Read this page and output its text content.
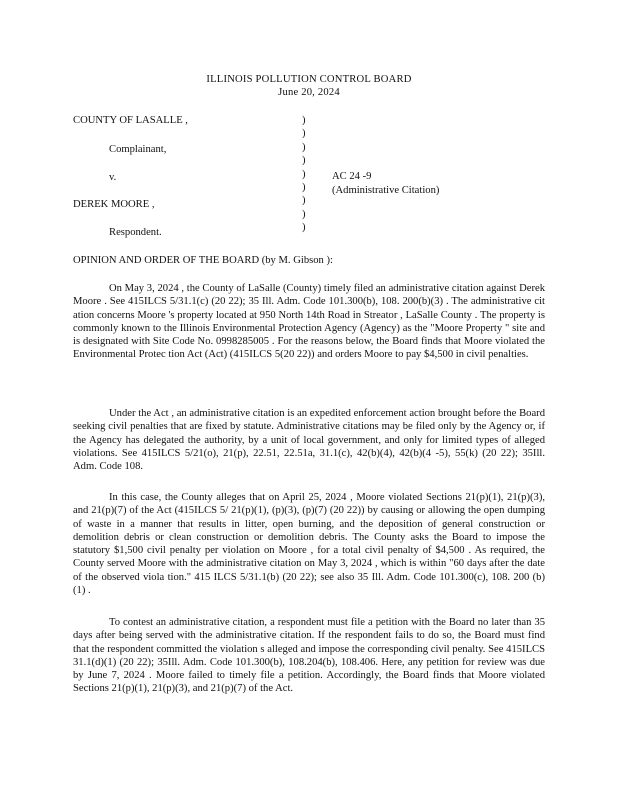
ILLINOIS POLLUTION CONTROL BOARD
June 20, 2024
COUNTY OF LASALLE ,
Complainant,
v.
DEREK MOORE ,
Respondent.
)
)
)
)
)
)
)
)
)
AC 24 -9
(Administrative Citation)
OPINION AND ORDER OF THE BOARD (by M. Gibson ):
On May 3, 2024 , the County of LaSalle (County) timely filed an administrative citation against Derek Moore . See 415ILCS 5/31.1(c) (20 22); 35 Ill. Adm. Code 101.300(b), 108. 200(b)(3) . The administrative cit ation concerns Moore 's property located at 950 North 14th Road in Streator , LaSalle County . The property is commonly known to the Illinois Environmental Protection Agency (Agency) as the "Moore Property " site and is designated with Site Code No. 0998285005 . For the reasons below, the Board finds that Moore violated the Environmental Protec tion Act (Act) (415ILCS 5(20 22)) and orders Moore to pay $4,500 in civil penalties.
Under the Act , an administrative citation is an expedited enforcement action brought before the Board seeking civil penalties that are fixed by statute. Administrative citations may be filed only by the Agency or, if the Agency has delegated the authority, by a unit of local government, and only for limited types of alleged violations. See 415ILCS 5/21(o), 21(p), 22.51, 22.51a, 31.1(c), 42(b)(4), 42(b)(4 -5), 55(k) (20 22); 35Ill. Adm. Code 108.
In this case, the County alleges that on April 25, 2024 , Moore violated Sections 21(p)(1), 21(p)(3), and 21(p)(7) of the Act (415ILCS 5/ 21(p)(1), (p)(3), (p)(7) (20 22)) by causing or allowing the open dumping of waste in a manner that results in litter, open burning, and the deposition of general construction or demolition debris or clean construction or demolition debris. The County asks the Board to impose the statutory $1,500 civil penalty per violation on Moore , for a total civil penalty of $4,500 . As required, the County served Moore with the administrative citation on May 3, 2024 , which is within "60 days after the date of the observed viola tion." 415 ILCS 5/31.1(b) (20 22); see also 35 Ill. Adm. Code 101.300(c), 108. 200 (b) (1) .
To contest an administrative citation, a respondent must file a petition with the Board no later than 35 days after being served with the administrative citation. If the respondent fails to do so, the Board must find that the respondent committed the violation s alleged and impose the corresponding civil penalty. See 415ILCS 31.1(d)(1) (20 22); 35Ill. Adm. Code 101.300(b), 108.204(b), 108.406. Here, any petition for review was due by June 7, 2024 . Moore failed to timely file a petition. Accordingly, the Board finds that Moore violated Sections 21(p)(1), 21(p)(3), and 21(p)(7) of the Act.
